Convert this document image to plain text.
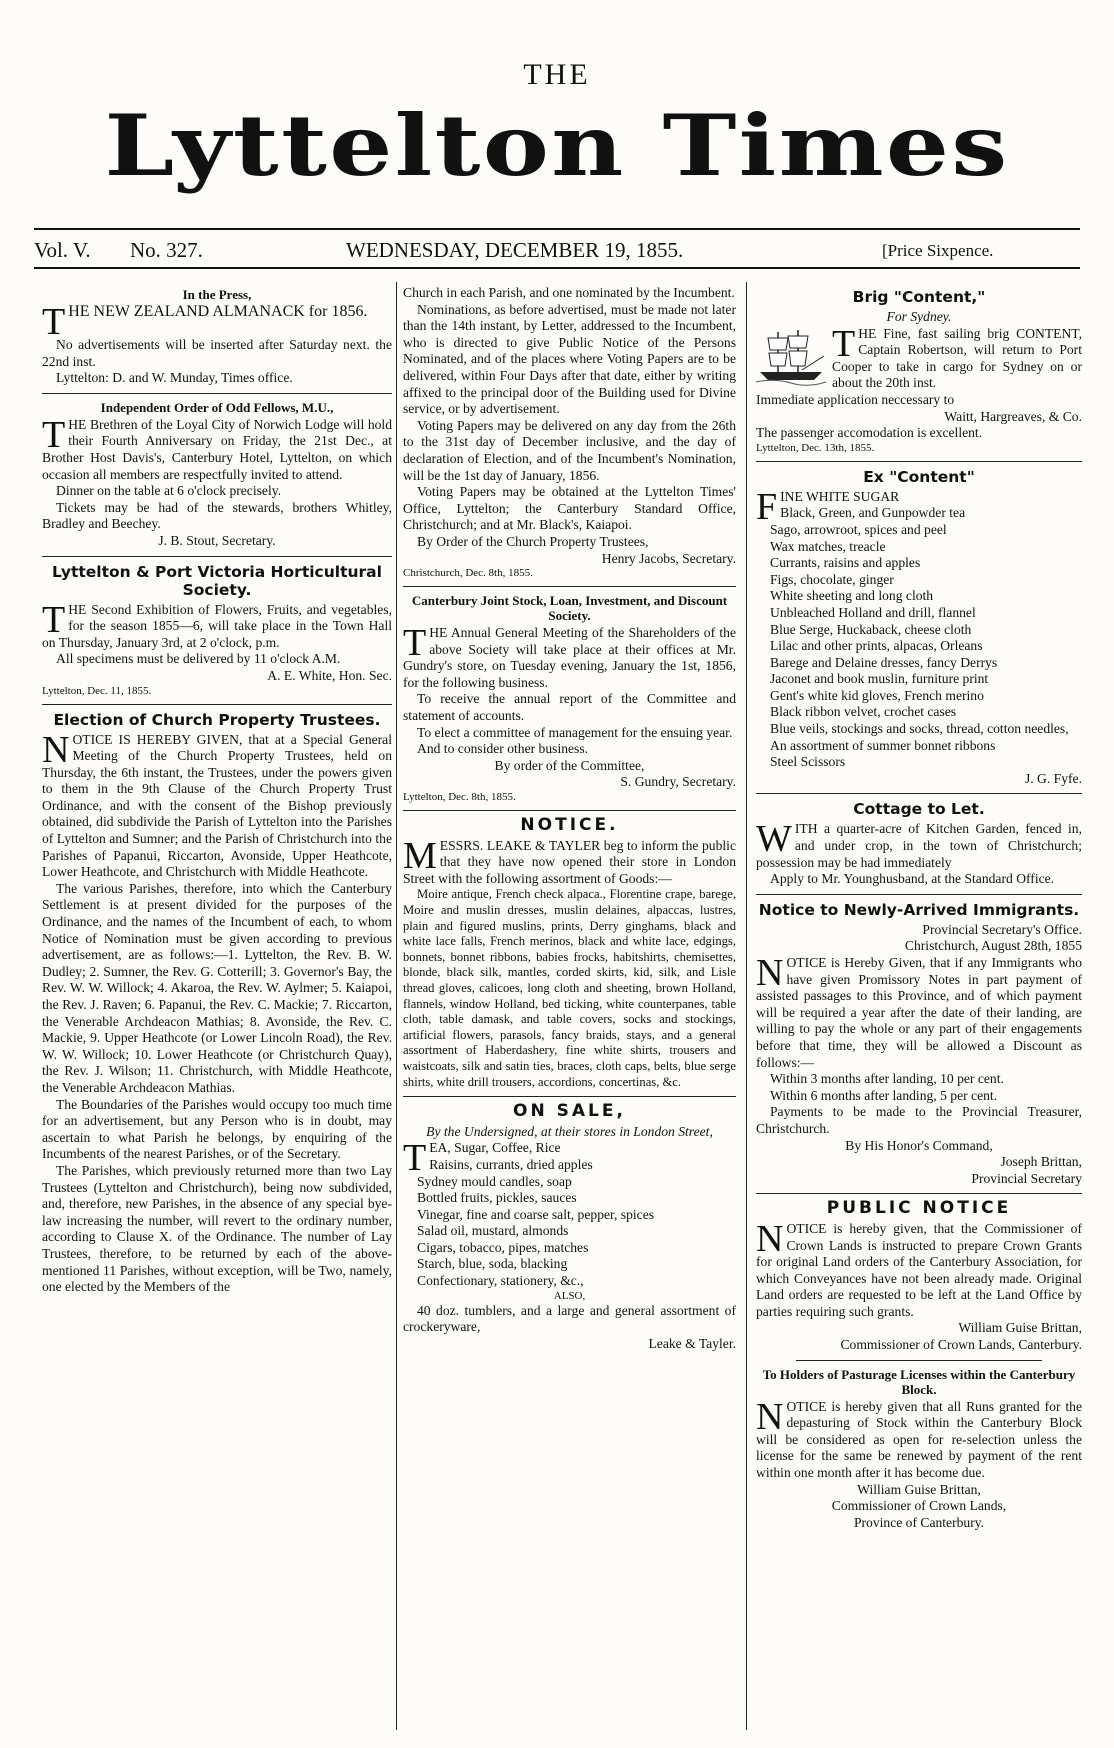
THE
Lyttelton Times
Vol. V. No. 327.	WEDNESDAY, DECEMBER 19, 1855.	[Price Sixpence.
In the Press,

THE NEW ZEALAND ALMANACK for 1856.

No advertisements will be inserted after Saturday next. the 22nd inst.

Lyttelton: D. and W. Munday, Times office.

Independent Order of Odd Fellows, M.U.,

THE Brethren of the Loyal City of Norwich Lodge will hold their Fourth Anniversary on Friday, the 21st Dec., at Brother Host Davis's, Canterbury Hotel, Lyttelton, on which occasion all members are respectfully invited to attend.

Dinner on the table at 6 o'clock precisely.

Tickets may be had of the stewards, brothers Whitley, Bradley and Beechey.

J. B. Stout, Secretary.

Lyttelton & Port Victoria Horticultural Society.

THE Second Exhibition of Flowers, Fruits, and vegetables, for the season 1855—6, will take place in the Town Hall on Thursday, January 3rd, at 2 o'clock, p.m.

All specimens must be delivered by 11 o'clock A.M.

A. E. White, Hon. Sec.

Lyttelton, Dec. 11, 1855.

Election of Church Property Trustees.

NOTICE IS HEREBY GIVEN, that at a Special General Meeting of the Church Property Trustees, held on Thursday, the 6th instant, the Trustees, under the powers given to them in the 9th Clause of the Church Property Trust Ordinance, and with the consent of the Bishop previously obtained, did subdivide the Parish of Lyttelton into the Parishes of Lyttelton and Sumner; and the Parish of Christchurch into the Parishes of Papanui, Riccarton, Avonside, Upper Heathcote, Lower Heathcote, and Christchurch with Middle Heathcote.

The various Parishes, therefore, into which the Canterbury Settlement is at present divided for the purposes of the Ordinance, and the names of the Incumbent of each, to whom Notice of Nomination must be given according to previous advertisement, are as follows:—1. Lyttelton, the Rev. B. W. Dudley; 2. Sumner, the Rev. G. Cotterill; 3. Governor's Bay, the Rev. W. W. Willock; 4. Akaroa, the Rev. W. Aylmer; 5. Kaiapoi, the Rev. J. Raven; 6. Papanui, the Rev. C. Mackie; 7. Riccarton, the Venerable Archdeacon Mathias; 8. Avonside, the Rev. C. Mackie, 9. Upper Heathcote (or Lower Lincoln Road), the Rev. W. W. Willock; 10. Lower Heathcote (or Christchurch Quay), the Rev. J. Wilson; 11. Christchurch, with Middle Heathcote, the Venerable Archdeacon Mathias.

The Boundaries of the Parishes would occupy too much time for an advertisement, but any Person who is in doubt, may ascertain to what Parish he belongs, by enquiring of the Incumbents of the nearest Parishes, or of the Secretary.

The Parishes, which previously returned more than two Lay Trustees (Lyttelton and Christchurch), being now subdivided, and, therefore, new Parishes, in the absence of any special bye-law increasing the number, will revert to the ordinary number, according to Clause X. of the Ordinance. The number of Lay Trustees, therefore, to be returned by each of the above-mentioned 11 Parishes, without exception, will be Two, namely, one elected by the Members of the

Church in each Parish, and one nominated by the Incumbent.

Nominations, as before advertised, must be made not later than the 14th instant, by Letter, addressed to the Incumbent, who is directed to give Public Notice of the Persons Nominated, and of the places where Voting Papers are to be delivered, within Four Days after that date, either by writing affixed to the principal door of the Building used for Divine service, or by advertisement.

Voting Papers may be delivered on any day from the 26th to the 31st day of December inclusive, and the day of declaration of Election, and of the Incumbent's Nomination, will be the 1st day of January, 1856.

Voting Papers may be obtained at the Lyttelton Times' Office, Lyttelton; the Canterbury Standard Office, Christchurch; and at Mr. Black's, Kaiapoi.

By Order of the Church Property Trustees,

Henry Jacobs, Secretary.

Christchurch, Dec. 8th, 1855.

Canterbury Joint Stock, Loan, Investment, and Discount Society.

THE Annual General Meeting of the Shareholders of the above Society will take place at their offices at Mr. Gundry's store, on Tuesday evening, January the 1st, 1856, for the following business.

To receive the annual report of the Committee and statement of accounts.

To elect a committee of management for the ensuing year.

And to consider other business.

By order of the Committee,

S. Gundry, Secretary.

Lyttelton, Dec. 8th, 1855.

NOTICE.

MESSRS. LEAKE & TAYLER beg to inform the public that they have now opened their store in London Street with the following assortment of Goods:—

Moire antique, French check alpaca., Florentine crape, barege, Moire and muslin dresses, muslin delaines, alpaccas, lustres, plain and figured muslins, prints, Derry ginghams, black and white lace falls, French merinos, black and white lace, edgings, bonnets, bonnet ribbons, babies frocks, habitshirts, chemisettes, blonde, black silk, mantles, corded skirts, kid, silk, and Lisle thread gloves, calicoes, long cloth and sheeting, brown Holland, flannels, window Holland, bed ticking, white counterpanes, table cloth, table damask, and table covers, socks and stockings, artificial flowers, parasols, fancy braids, stays, and a general assortment of Haberdashery, fine white shirts, trousers and waistcoats, silk and satin ties, braces, cloth caps, belts, blue serge shirts, white drill trousers, accordions, concertinas, &c.

ON SALE,

By the Undersigned, at their stores in London Street,

TEA, Sugar, Coffee, Rice

Raisins, currants, dried apples

Sydney mould candles, soap

Bottled fruits, pickles, sauces

Vinegar, fine and coarse salt, pepper, spices

Salad oil, mustard, almonds

Cigars, tobacco, pipes, matches

Starch, blue, soda, blacking

Confectionary, stationery, &c.,

ALSO,

40 doz. tumblers, and a large and general assortment of crockeryware,

Leake & Tayler.

Brig "Content,"

For Sydney.

THE Fine, fast sailing brig CONTENT, Captain Robertson, will return to Port Cooper to take in cargo for Sydney on or about the 20th inst.

Immediate application neccessary to

Waitt, Hargreaves, & Co.

The passenger accomodation is excellent.

Lyttelton, Dec. 13th, 1855.

Ex "Content"

FINE WHITE SUGAR

Black, Green, and Gunpowder tea

Sago, arrowroot, spices and peel

Wax matches, treacle

Currants, raisins and apples

Figs, chocolate, ginger

White sheeting and long cloth

Unbleached Holland and drill, flannel

Blue Serge, Huckaback, cheese cloth

Lilac and other prints, alpacas, Orleans

Barege and Delaine dresses, fancy Derrys

Jaconet and book muslin, furniture print

Gent's white kid gloves, French merino

Black ribbon velvet, crochet cases

Blue veils, stockings and socks, thread, cotton needles,

An assortment of summer bonnet ribbons

Steel Scissors

J. G. Fyfe.

Cottage to Let.

WITH a quarter-acre of Kitchen Garden, fenced in, and under crop, in the town of Christchurch; possession may be had immediately

Apply to Mr. Younghusband, at the Standard Office.

Notice to Newly-Arrived Immigrants.

Provincial Secretary's Office.

Christchurch, August 28th, 1855

NOTICE is Hereby Given, that if any Immigrants who have given Promissory Notes in part payment of assisted passages to this Province, and of which payment will be required a year after the date of their landing, are willing to pay the whole or any part of their engagements before that time, they will be allowed a Discount as follows:—

Within 3 months after landing, 10 per cent.

Within 6 months after landing, 5 per cent.

Payments to be made to the Provincial Treasurer, Christchurch.

By His Honor's Command,

Joseph Brittan,

Provincial Secretary

PUBLIC NOTICE

NOTICE is hereby given, that the Commissioner of Crown Lands is instructed to prepare Crown Grants for original Land orders of the Canterbury Association, for which Conveyances have not been already made. Original Land orders are requested to be left at the Land Office by parties requiring such grants.

William Guise Brittan,

Commissioner of Crown Lands, Canterbury.

To Holders of Pasturage Licenses within the Canterbury Block.

NOTICE is hereby given that all Runs granted for the depasturing of Stock within the Canterbury Block will be considered as open for re-selection unless the license for the same be renewed by payment of the rent within one month after it has become due.

William Guise Brittan,

Commissioner of Crown Lands,

Province of Canterbury.
